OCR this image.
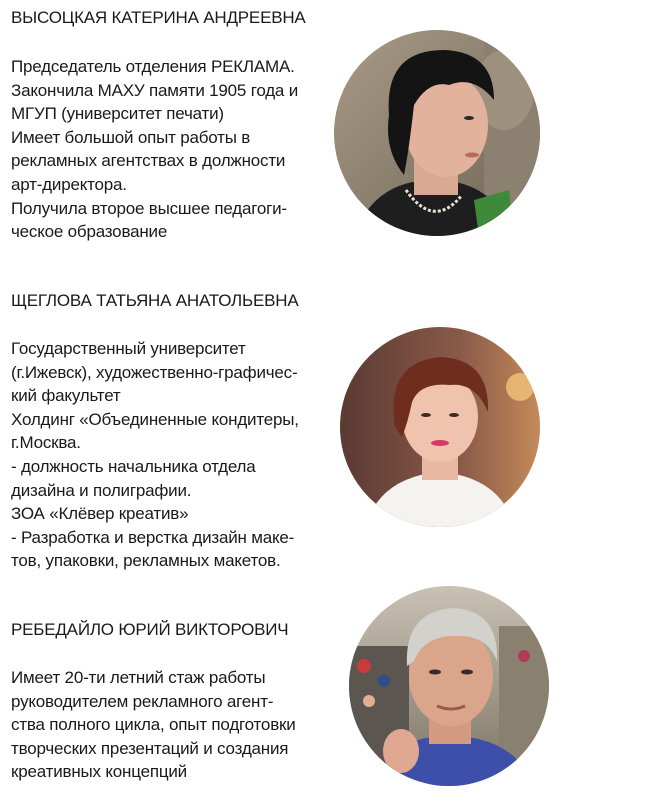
ВЫСОЦКАЯ КАТЕРИНА АНДРЕЕВНА
Председатель отделения РЕКЛАМА.
Закончила МАХУ памяти 1905 года и
МГУП (университет печати)
Имеет большой опыт работы в
рекламных агентствах в должности
арт-директора.
Получила второе высшее педагоги-
ческое образование
ЩЕГЛОВА ТАТЬЯНА АНАТОЛЬЕВНА
Государственный университет
(г.Ижевск), художественно-графичес-
кий факультет
Холдинг «Объединенные кондитеры,
г.Москва.
- должность начальника отдела
дизайна и полиграфии.
ЗОА «Клёвер креатив»
- Разработка и верстка дизайн маке-
тов, упаковки, рекламных макетов.
РЕБЕДАЙЛО ЮРИЙ ВИКТОРОВИЧ
Имеет 20-ти летний стаж работы
руководителем рекламного агент-
ства полного цикла, опыт подготовки
творческих презентаций и создания
креативных концепций
